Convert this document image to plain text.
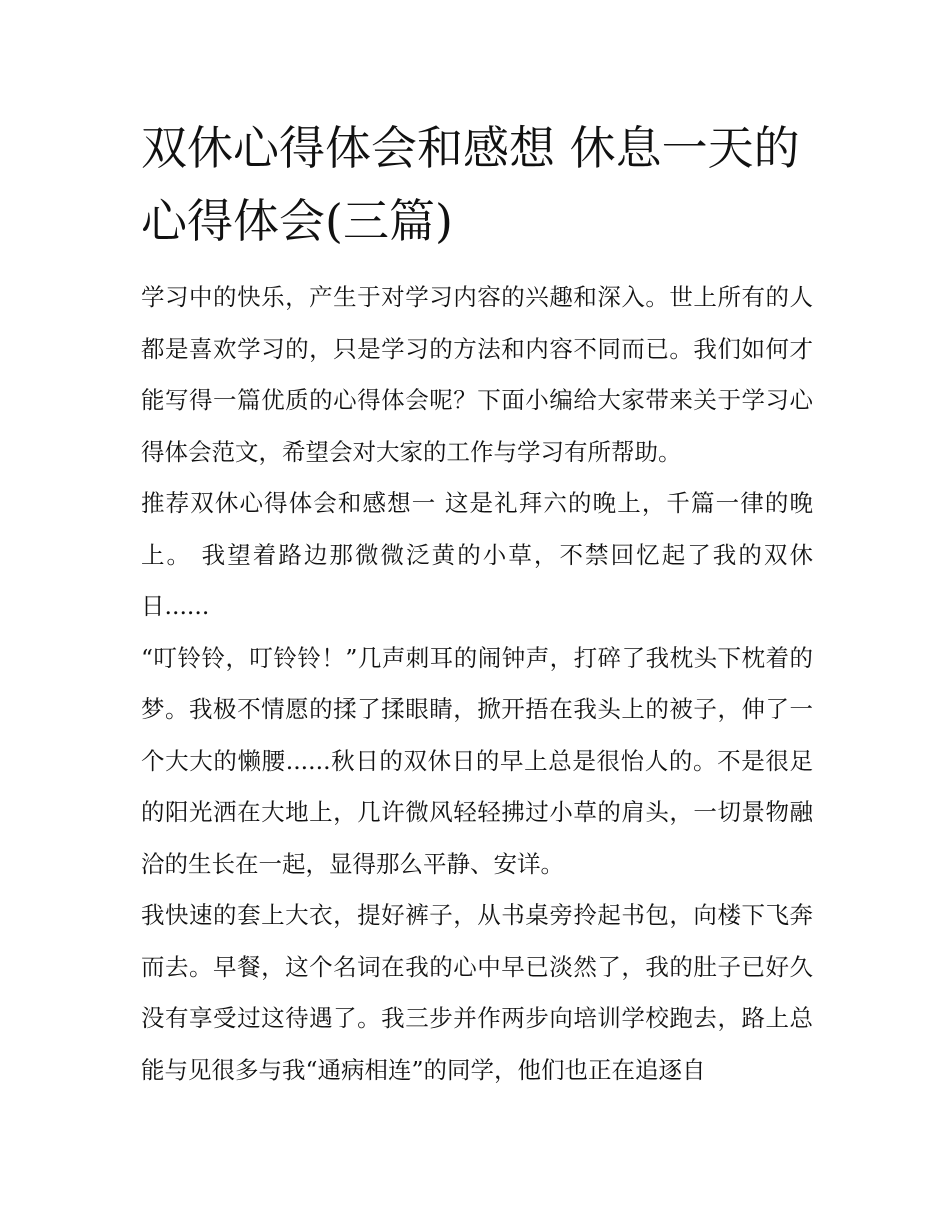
双休心得体会和感想 休息一天的心得体会(三篇)

学习中的快乐，产生于对学习内容的兴趣和深入。世上所有的人都是喜欢学习的，只是学习的方法和内容不同而已。我们如何才能写得一篇优质的心得体会呢？下面小编给大家带来关于学习心得体会范文，希望会对大家的工作与学习有所帮助。

推荐双休心得体会和感想一 这是礼拜六的晚上，千篇一律的晚上。 我望着路边那微微泛黄的小草，不禁回忆起了我的双休日......

“叮铃铃，叮铃铃！”几声刺耳的闹钟声，打碎了我枕头下枕着的梦。我极不情愿的揉了揉眼睛，掀开捂在我头上的被子，伸了一个大大的懒腰......秋日的双休日的早上总是很怡人的。不是很足的阳光洒在大地上，几许微风轻轻拂过小草的肩头，一切景物融洽的生长在一起，显得那么平静、安详。

我快速的套上大衣，提好裤子，从书桌旁拎起书包，向楼下飞奔而去。早餐，这个名词在我的心中早已淡然了，我的肚子已好久没有享受过这待遇了。我三步并作两步向培训学校跑去，路上总能与见很多与我“通病相连”的同学，他们也正在追逐自
